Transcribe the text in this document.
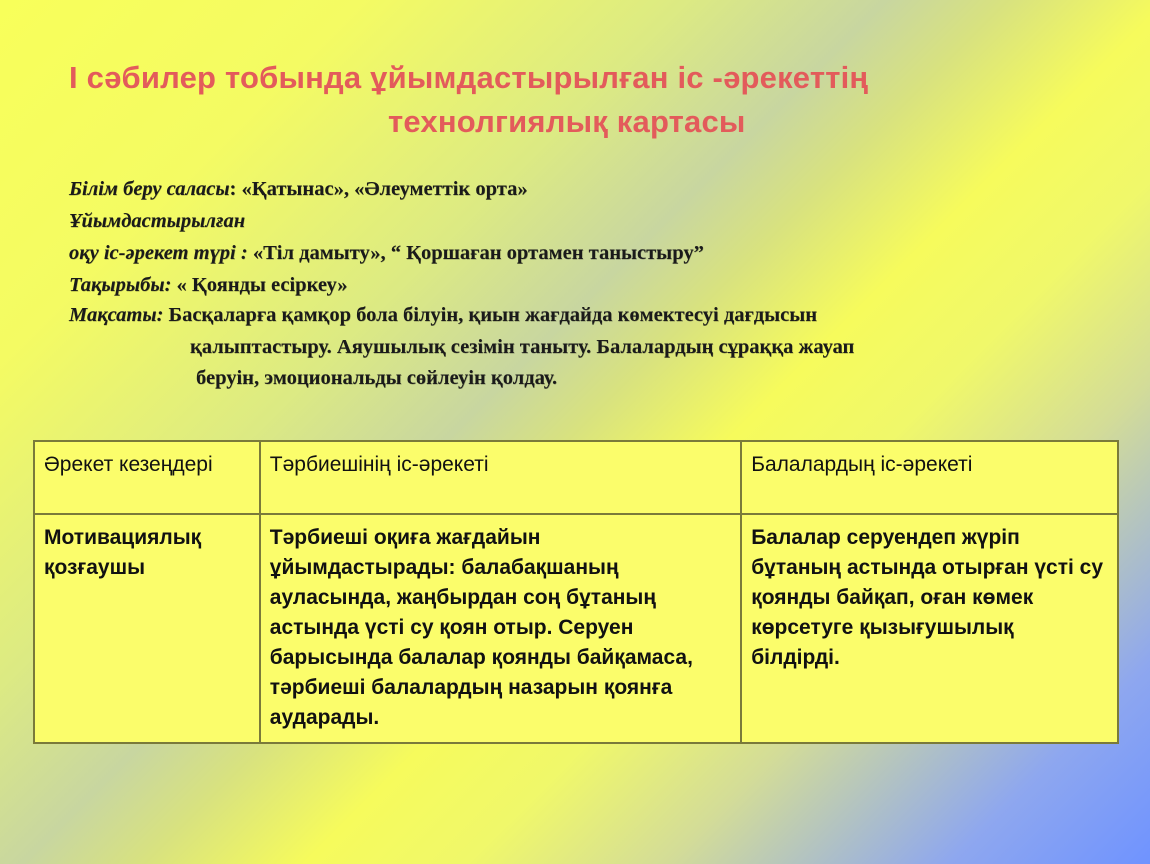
І сәбилер тобында ұйымдастырылған іс -әрекеттің
технолгиялық картасы
Білім беру саласы: «Қатынас», «Әлеуметтік орта»
Ұйымдастырылған
оқу іс-әрекет түрі : «Тіл дамыту», “ Қоршаған ортамен таныстыру”
Тақырыбы: « Қоянды есіркеу»
Мақсаты: Басқаларға қамқор бола білуін, қиын жағдайда көмектесуі дағдысын
қалыптастыру. Аяушылық сезімін таныту. Балалардың сұраққа жауап
беруін, эмоциональды сөйлеуін қолдау.
Әрекет кезеңдері	Тәрбиешінің іс-әрекеті	Балалардың іс-әрекеті
Мотивациялық қозғаушы	Тәрбиеші оқиға жағдайын ұйымдастырады: балабақшаның ауласында, жаңбырдан соң бұтаның астында үсті су қоян отыр. Серуен барысында балалар қоянды байқамаса, тәрбиеші балалардың назарын қоянға аударады.	Балалар серуендеп жүріп бұтаның астында отырған үсті су қоянды байқап, оған көмек көрсетуге қызығушылық білдірді.
